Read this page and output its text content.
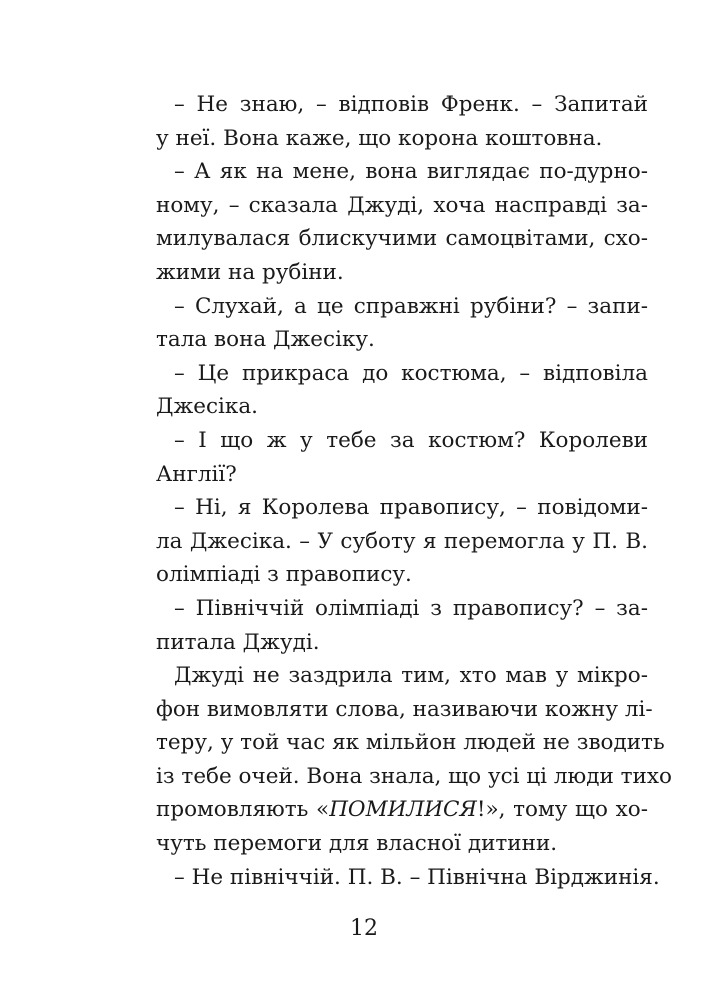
– Не знаю, – відповів Френк. – Запитай
у неї. Вона каже, що корона коштовна.
– А як на мене, вона виглядає по-дурно-
ному, – сказала Джуді, хоча насправді за-
милувалася блискучими самоцвітами, схо-
жими на рубіни.
– Слухай, а це справжні рубіни? – запи-
тала вона Джесіку.
– Це прикраса до костюма, – відповіла
Джесіка.
– І що ж у тебе за костюм? Королеви
Англії?
– Ні, я Королева правопису, – повідоми-
ла Джесіка. – У суботу я перемогла у П. В.
олімпіаді з правопису.
– Північчій олімпіаді з правопису? – за-
питала Джуді.
Джуді не заздрила тим, хто мав у мікро-
фон вимовляти слова, називаючи кожну лі-
теру, у той час як мільйон людей не зводить
із тебе очей. Вона знала, що усі ці люди тихо
промовляють «ПОМИЛИСЯ!», тому що хо-
чуть перемоги для власної дитини.
– Не північчій. П. В. – Північна Вірджинія.
12
